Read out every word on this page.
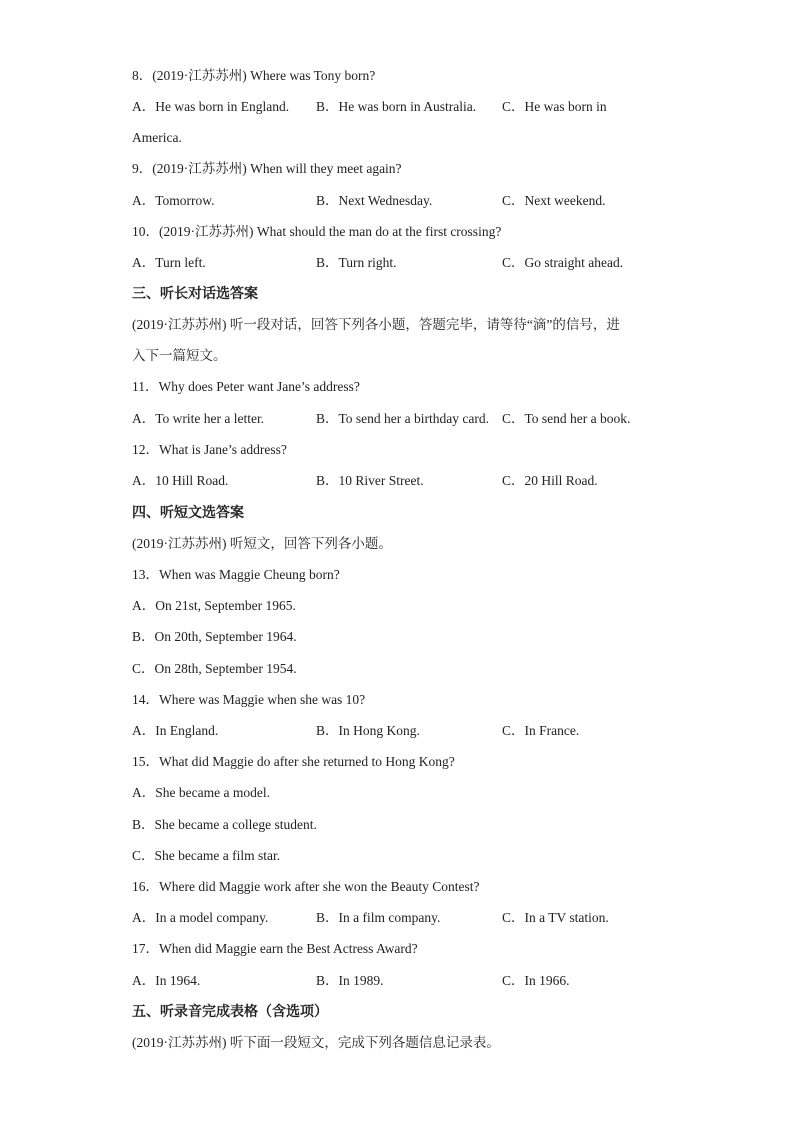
8．(2019·江苏苏州) Where was Tony born?
A．He was born in England. B．He was born in Australia. C．He was born in
America.
9．(2019·江苏苏州) When will they meet again?
A．Tomorrow.	B．Next Wednesday.	C．Next weekend.
10．(2019·江苏苏州) What should the man do at the first crossing?
A．Turn left.	B．Turn right.	C．Go straight ahead.
三、听长对话选答案
(2019·江苏苏州) 听一段对话，回答下列各小题，答题完毕，请等待“滴”的信号，进
入下一篇短文。
11．Why does Peter want Jane’s address?
A．To write her a letter.	B．To send her a birthday card. C．To send her a book.
12．What is Jane’s address?
A．10 Hill Road.	B．10 River Street.	C．20 Hill Road.
四、听短文选答案
(2019·江苏苏州) 听短文，回答下列各小题。
13．When was Maggie Cheung born?
A．On 21st, September 1965.
B．On 20th, September 1964.
C．On 28th, September 1954.
14．Where was Maggie when she was 10?
A．In England.	B．In Hong Kong.	C．In France.
15．What did Maggie do after she returned to Hong Kong?
A．She became a model.
B．She became a college student.
C．She became a film star.
16．Where did Maggie work after she won the Beauty Contest?
A．In a model company.	B．In a film company.	C．In a TV station.
17．When did Maggie earn the Best Actress Award?
A．In 1964.	B．In 1989.	C．In 1966.
五、听录音完成表格（含选项）
(2019·江苏苏州) 听下面一段短文，完成下列各题信息记录表。
